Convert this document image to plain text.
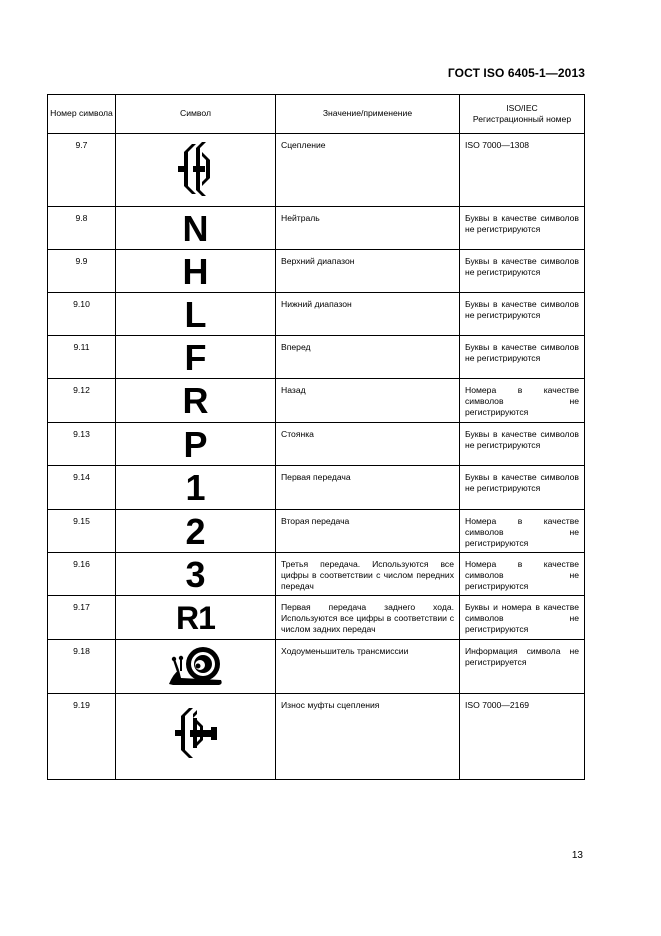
ГОСТ ISO 6405-1—2013
Номер символа	Символ	Значение/применение	ISO/IEC
Регистрационный номер
9.7		Сцепление	ISO 7000—1308
9.8	N	Нейтраль	Буквы в качестве символов не регистрируются
9.9	H	Верхний диапазон	Буквы в качестве символов не регистрируются
9.10	L	Нижний диапазон	Буквы в качестве символов не регистрируются
9.11	F	Вперед	Буквы в качестве символов не регистрируются
9.12	R	Назад	Номера в качестве символов не регистрируются
9.13	P	Стоянка	Буквы в качестве символов не регистрируются
9.14	1	Первая передача	Буквы в качестве символов не регистрируются
9.15	2	Вторая передача	Номера в качестве символов не регистрируются
9.16	3	Третья передача. Используются все цифры в соответствии с числом передних передач	Номера в качестве символов не регистрируются
9.17	R1	Первая передача заднего хода. Используются все цифры в соответствии с числом задних передач	Буквы и номера в качестве символов не регистрируются
9.18		Ходоуменьшитель трансмиссии	Информация символа не регистрируется
9.19		Износ муфты сцепления	ISO 7000—2169
13
